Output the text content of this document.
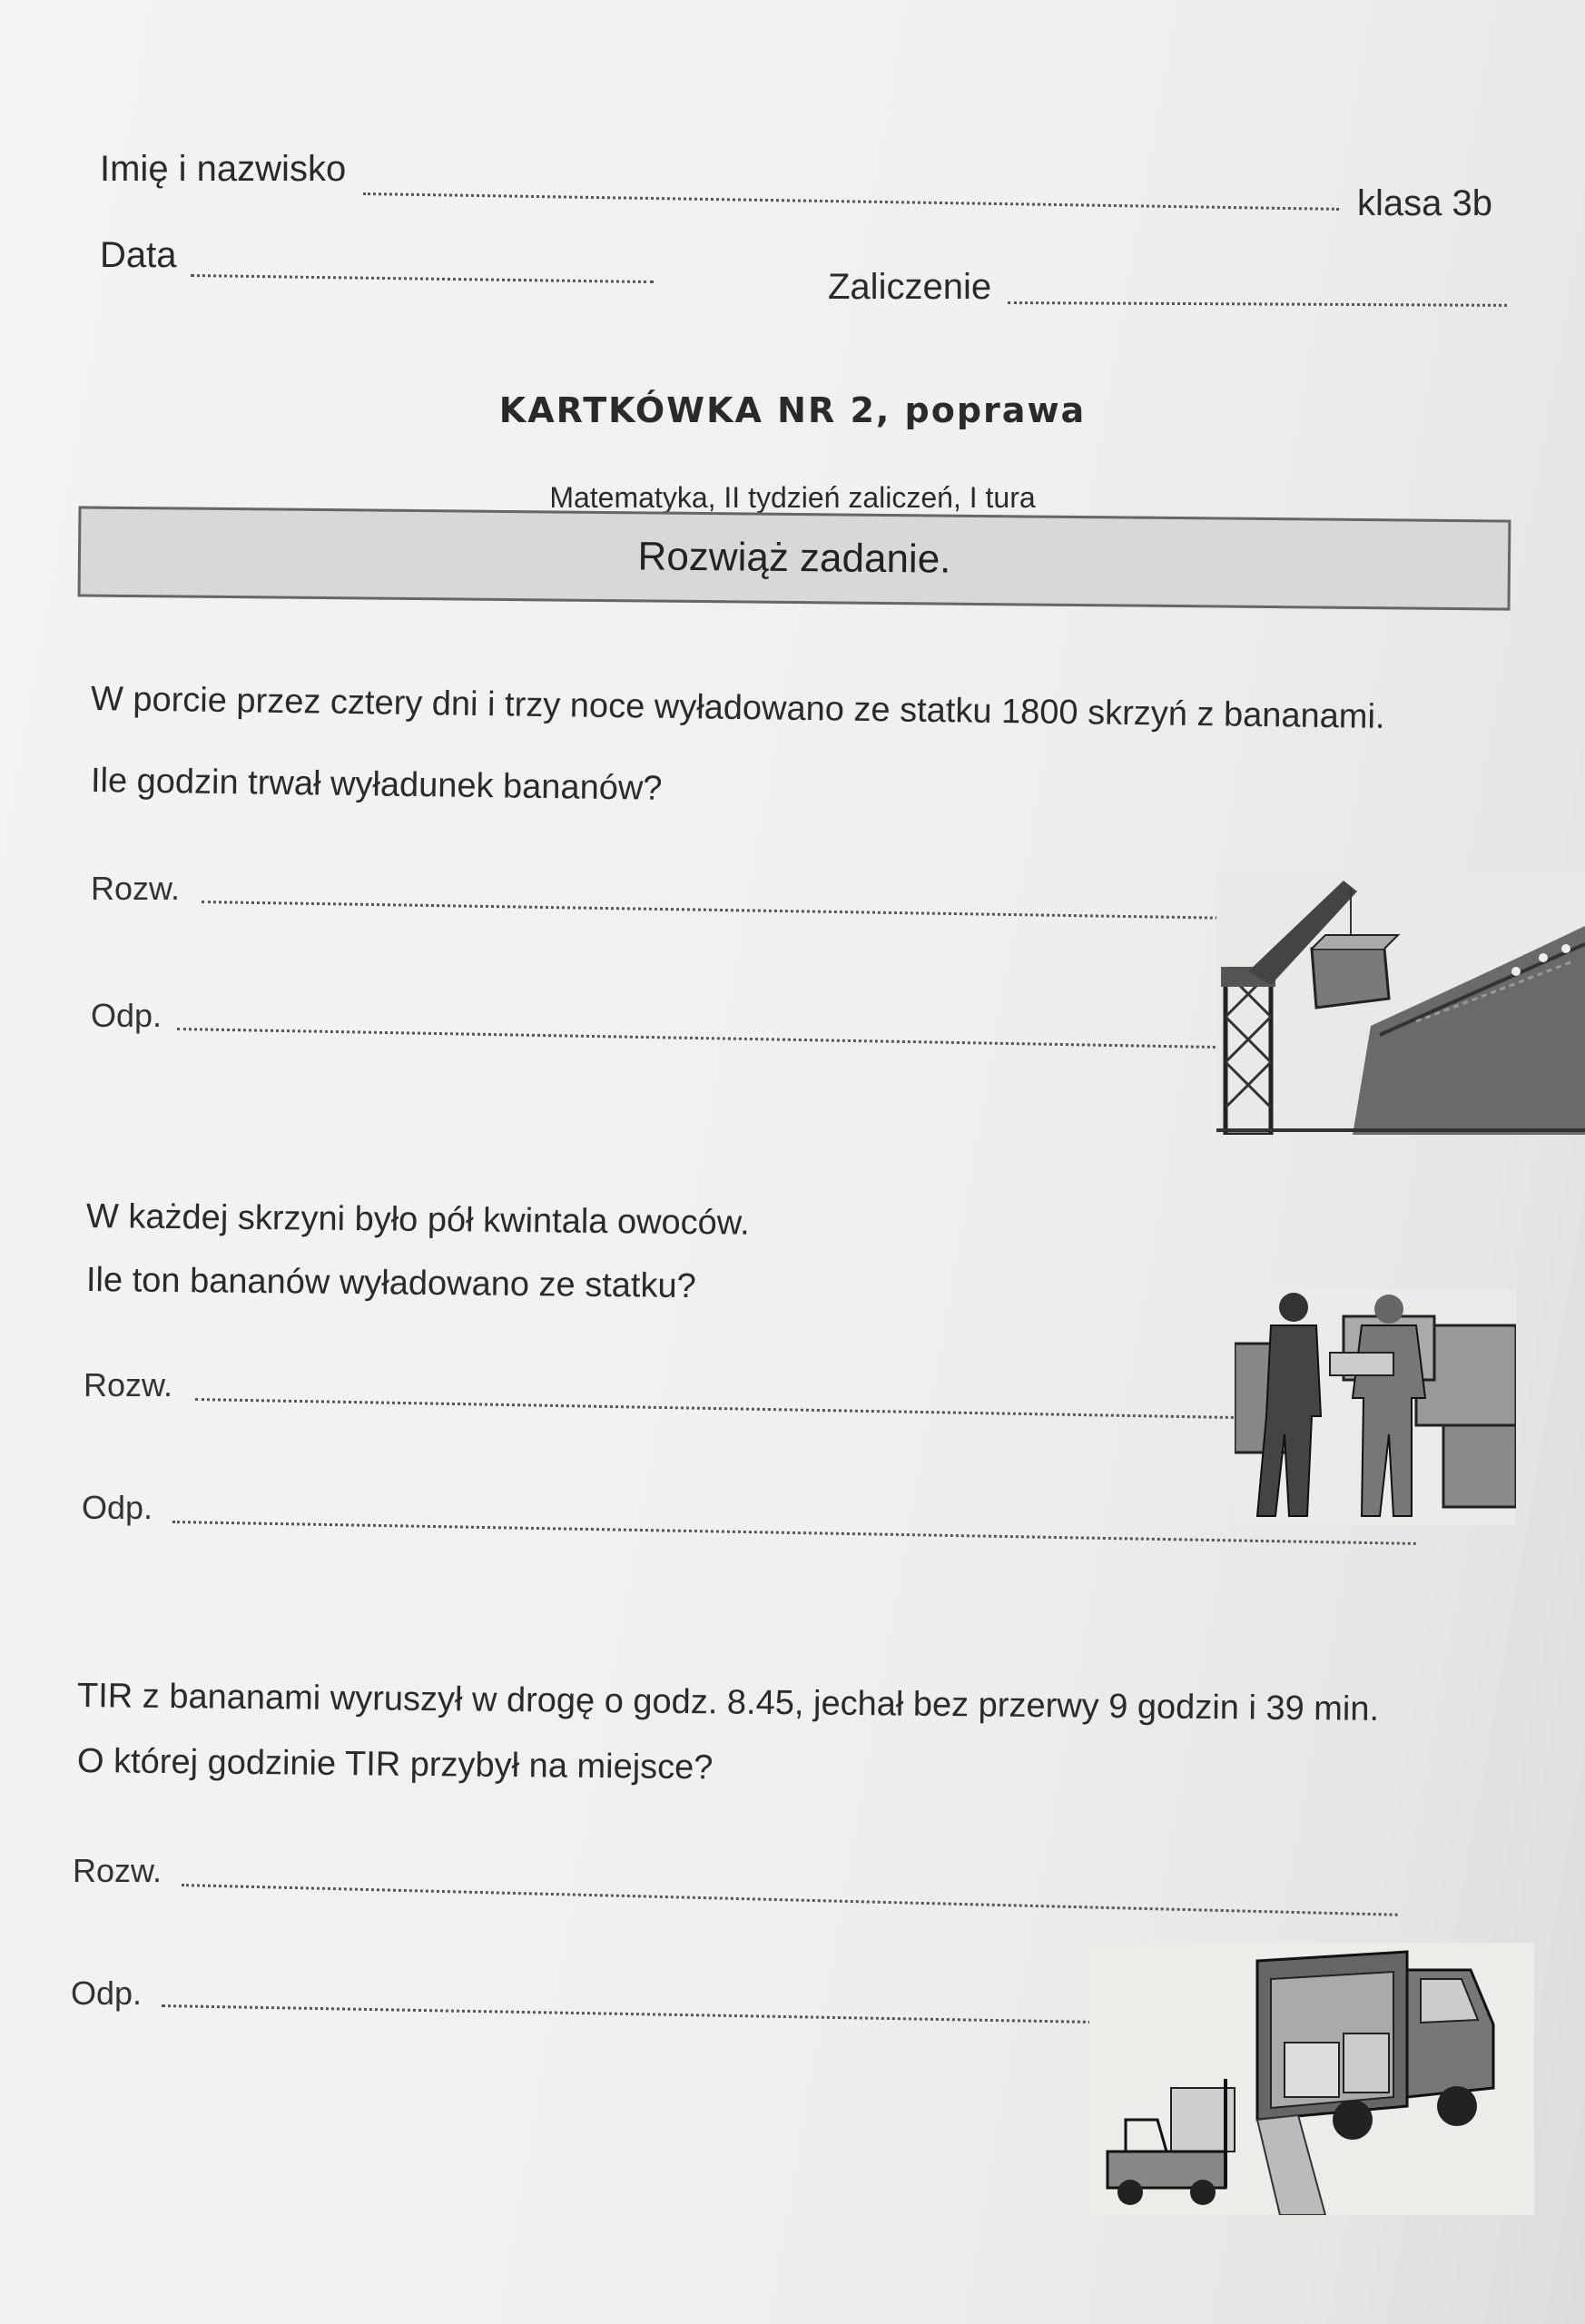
Imię i nazwisko
klasa 3b
Data
Zaliczenie
KARTKÓWKA NR 2, poprawa
Matematyka, II tydzień zaliczeń, I tura
Rozwiąż zadanie.
W porcie przez cztery dni i trzy noce wyładowano ze statku 1800 skrzyń z bananami.
Ile godzin trwał wyładunek bananów?
Rozw.
Odp.
W każdej skrzyni było pół kwintala owoców.
Ile ton bananów wyładowano ze statku?
Rozw.
Odp.
TIR z bananami wyruszył w drogę o godz. 8.45, jechał bez przerwy 9 godzin i 39 min.
O której godzinie TIR przybył na miejsce?
Rozw.
Odp.
